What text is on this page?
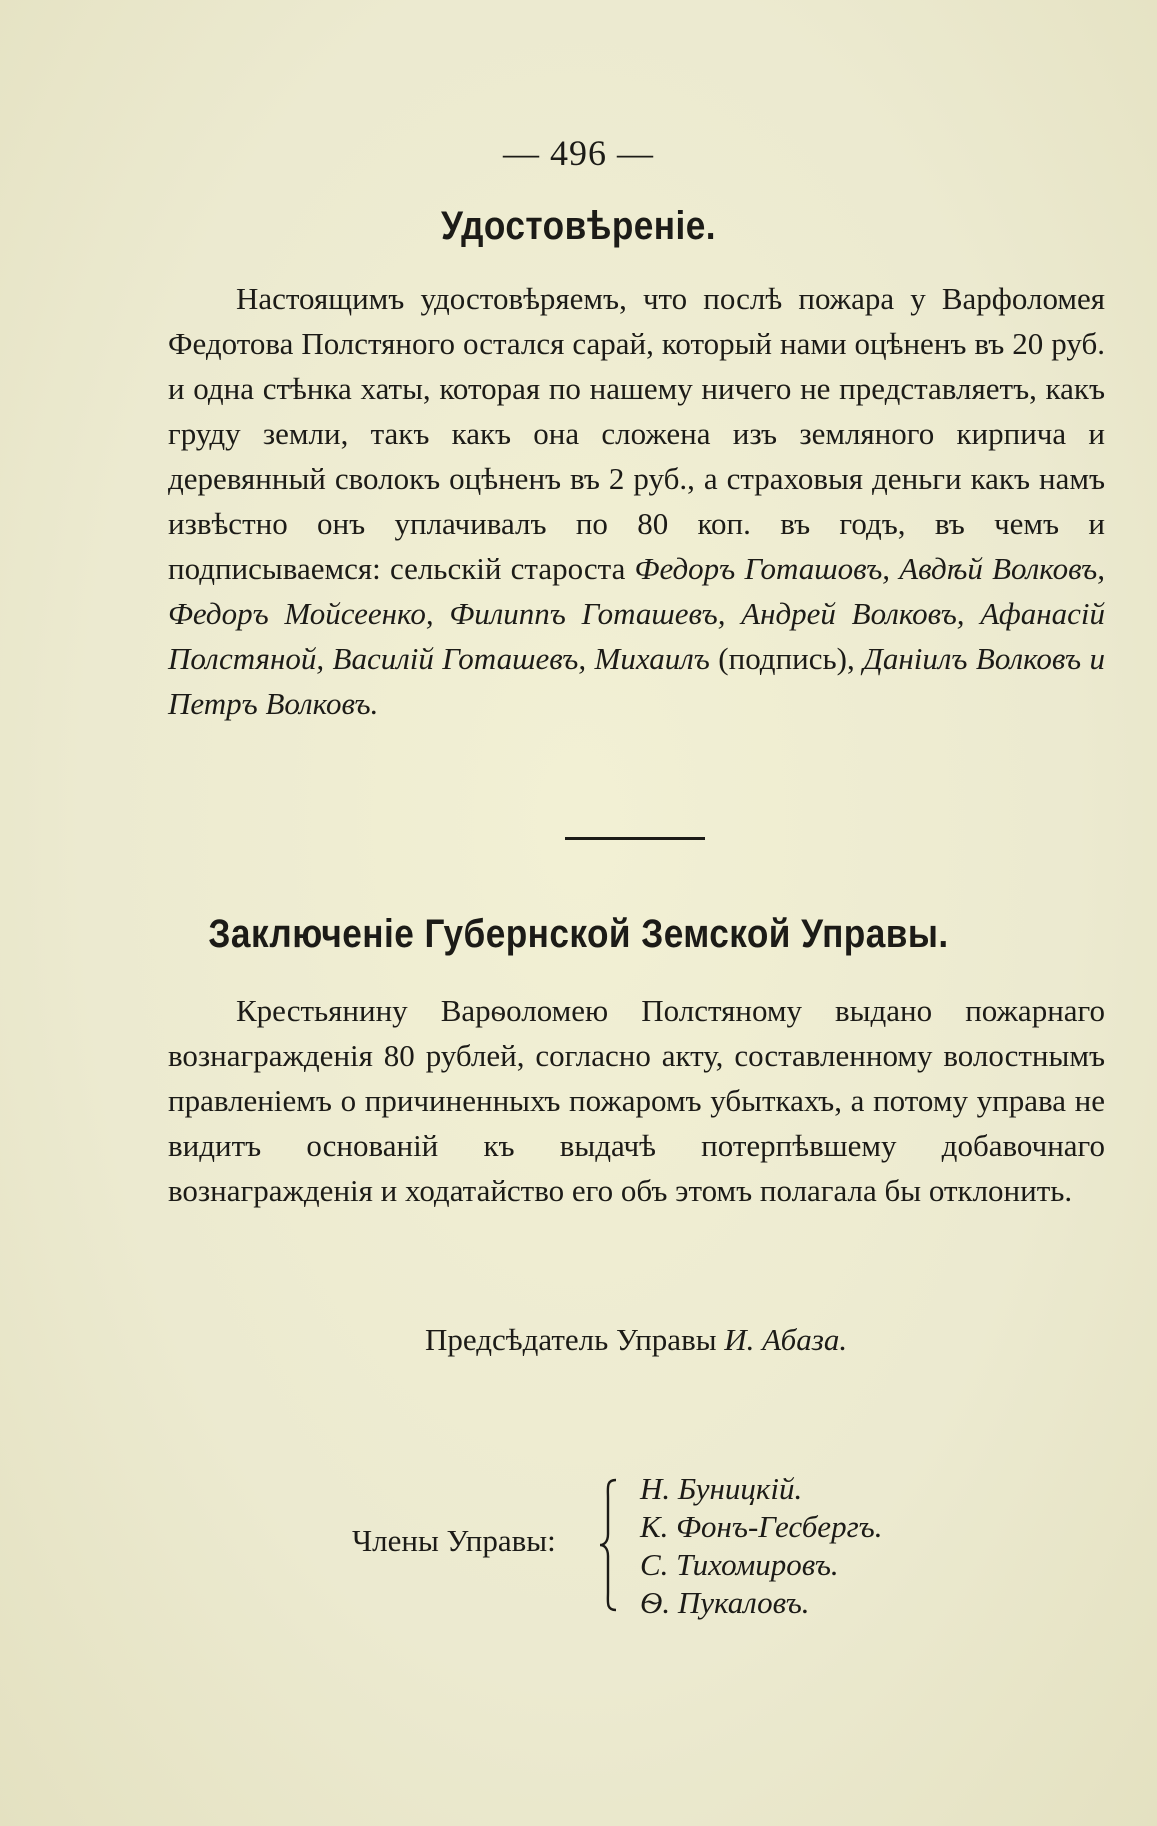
— 496 —
Удостовѣреніе.

Настоящимъ удостовѣряемъ, что послѣ пожара у Варфоломея Федотова Полстяного остался сарай, который нами оцѣненъ въ 20 руб. и одна стѣнка хаты, которая по нашему ничего не представляетъ, какъ груду земли, такъ какъ она сложена изъ земляного кирпича и деревянный сволокъ оцѣненъ въ 2 руб., а страховыя деньги какъ намъ извѣстно онъ уплачивалъ по 80 коп. въ годъ, въ чемъ и подписываемся: сельскій староста Федоръ Готашовъ, Авдѣй Волковъ, Федоръ Мойсеенко, Филиппъ Готашевъ, Андрей Волковъ, Афанасій Полстяной, Василій Готашевъ, Михаилъ (подпись), Даніилъ Волковъ и Петръ Волковъ.

Заключеніе Губернской Земской Управы.

Крестьянину Варѳоломею Полстяному выдано пожарнаго вознагражденія 80 рублей, согласно акту, составленному волостнымъ правленіемъ о причиненныхъ пожаромъ убыткахъ, а потому управа не видитъ основаній къ выдачѣ потерпѣвшему добавочнаго вознагражденія и ходатайство его объ этомъ полагала бы отклонить.

Предсѣдатель Управы И. Абаза.
Члены Управы:
Н. Буницкій.
К. Фонъ-Гесбергъ.
С. Тихомировъ.
Ѳ. Пукаловъ.
